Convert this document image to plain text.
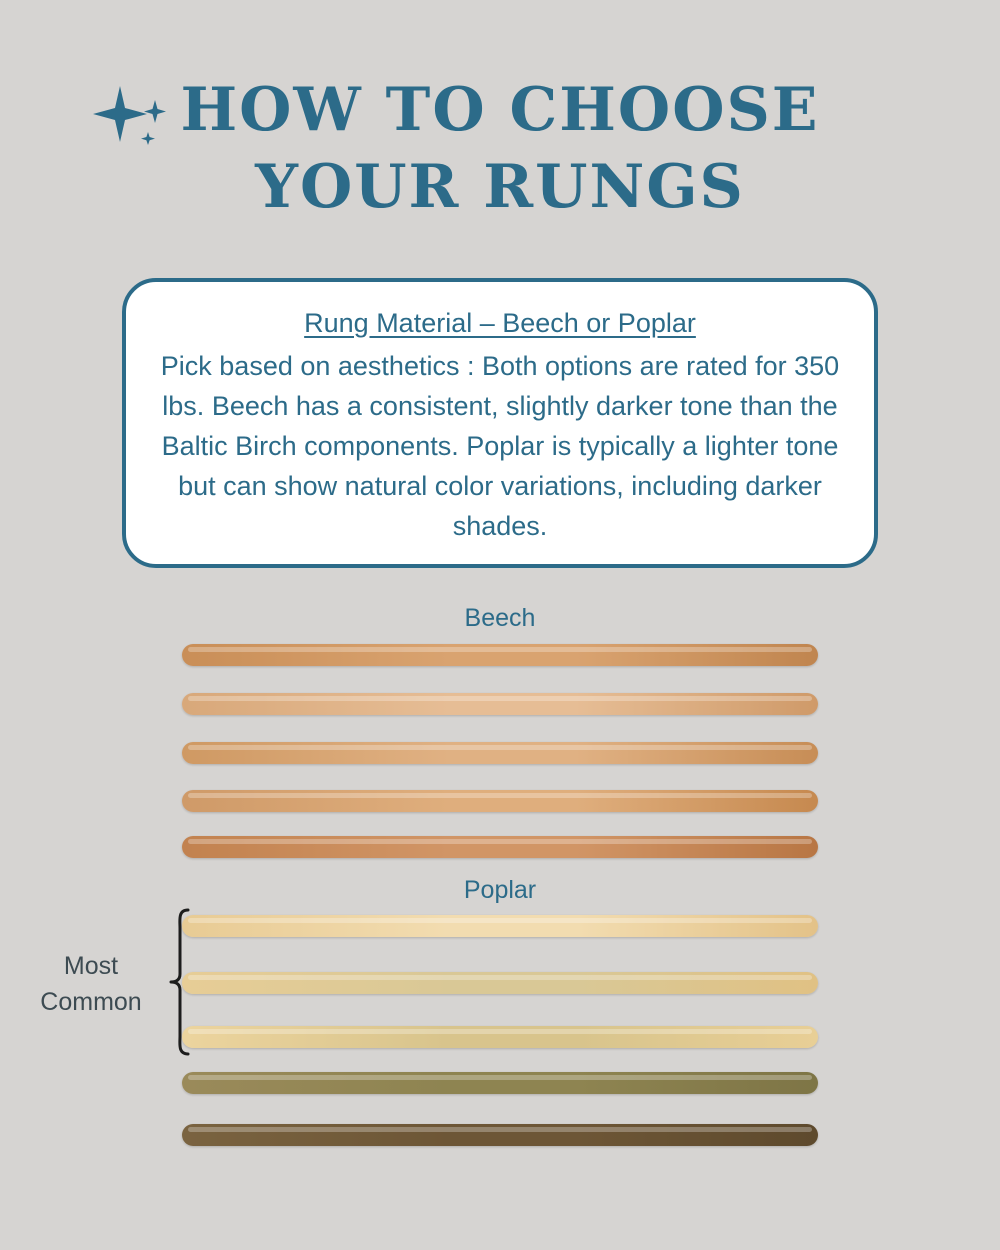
HOW TO CHOOSE
YOUR RUNGS
Rung Material – Beech or Poplar

Pick based on aesthetics : Both options are rated for 350 lbs. Beech has a consistent, slightly darker tone than the Baltic Birch components. Poplar is typically a lighter tone but can show natural color variations, including darker shades.

Beech
Poplar
Most
Common
